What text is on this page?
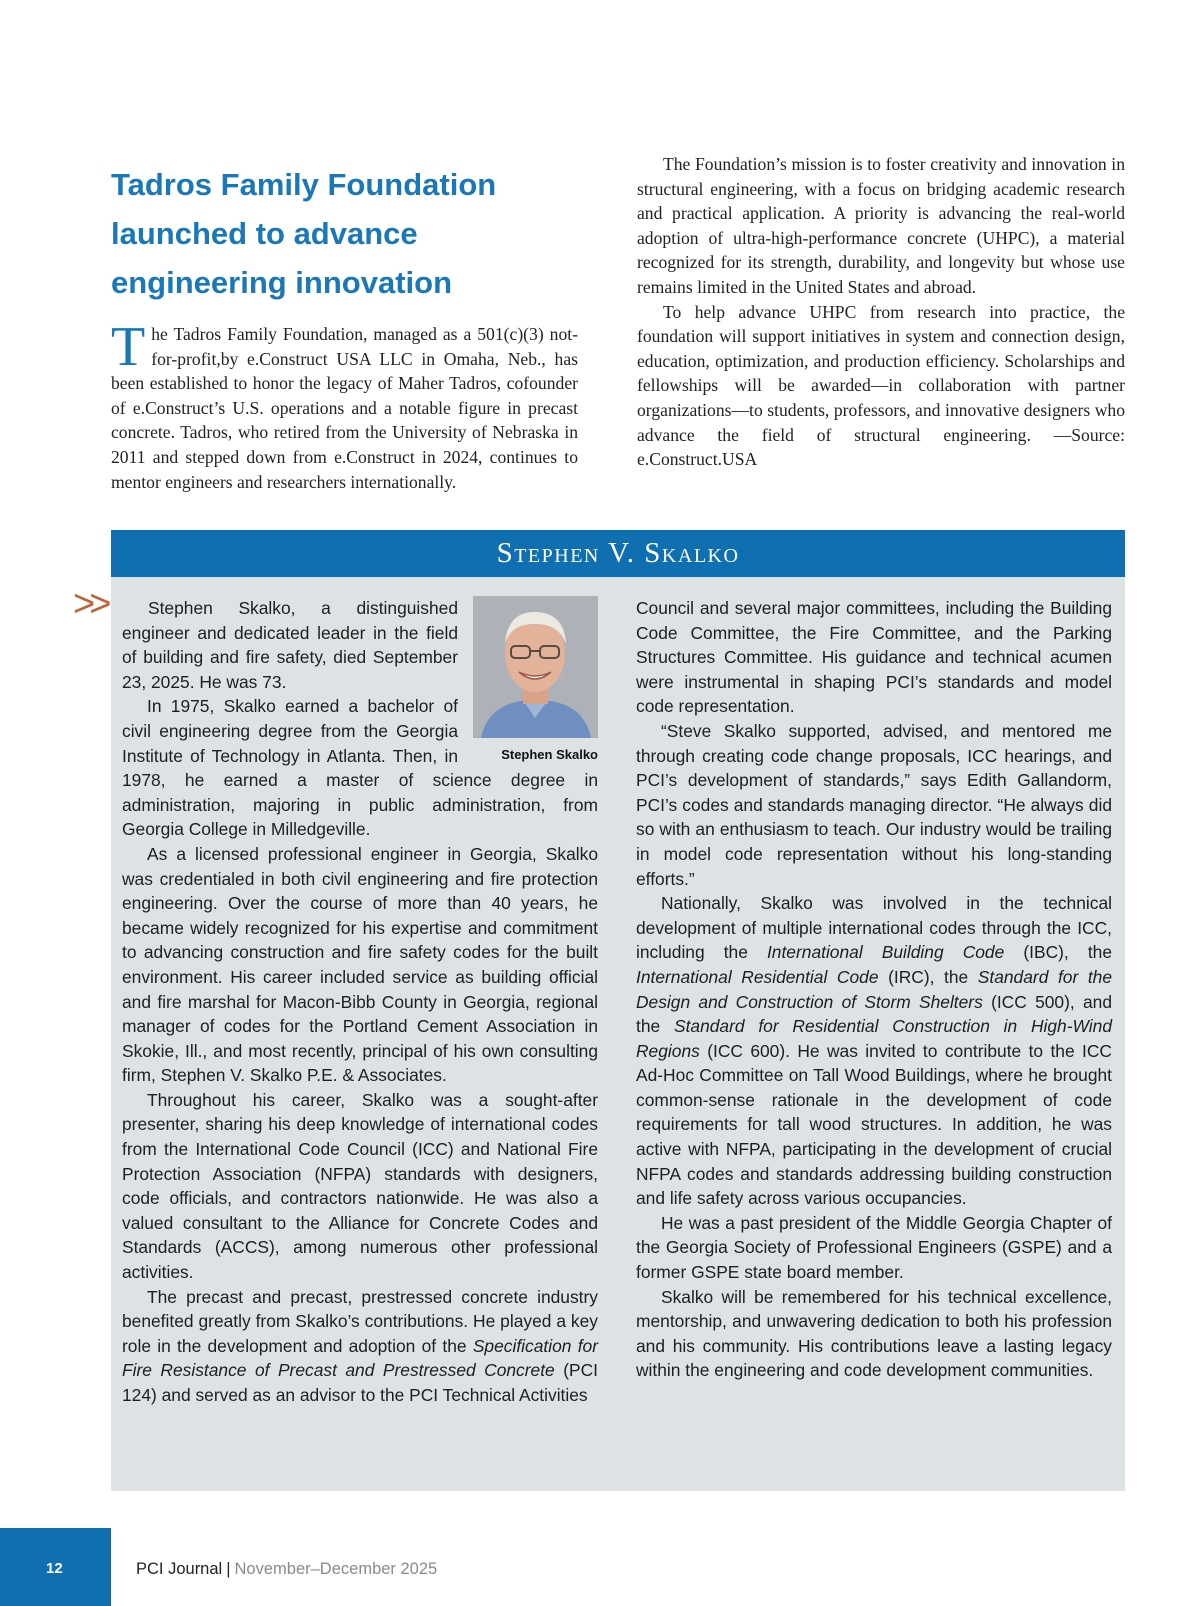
Tadros Family Foundation launched to advance engineering innovation
The Tadros Family Foundation, managed as a 501(c)(3) not-for-profit,by e.Construct USA LLC in Omaha, Neb., has been established to honor the legacy of Maher Tadros, cofounder of e.Construct’s U.S. operations and a notable figure in precast concrete. Tadros, who retired from the University of Nebraska in 2011 and stepped down from e.Construct in 2024, continues to mentor engineers and researchers internationally.

The Foundation’s mission is to foster creativity and innovation in structural engineering, with a focus on bridging academic research and practical application. A priority is advancing the real-world adoption of ultra-high-performance concrete (UHPC), a material recognized for its strength, durability, and longevity but whose use remains limited in the United States and abroad.

To help advance UHPC from research into practice, the foundation will support initiatives in system and connection design, education, optimization, and production efficiency. Scholarships and fellowships will be awarded—in collaboration with partner organizations—to students, professors, and innovative designers who advance the field of structural engineering. —Source: e.Construct.USA

Stephen V. Skalko
>>
Stephen Skalko

Stephen Skalko, a distinguished engineer and dedicated leader in the field of building and fire safety, died September 23, 2025. He was 73.

In 1975, Skalko earned a bachelor of civil engineering degree from the Georgia Institute of Technology in Atlanta. Then, in 1978, he earned a master of science degree in administration, majoring in public administration, from Georgia College in Milledgeville.

As a licensed professional engineer in Georgia, Skalko was credentialed in both civil engineering and fire protection engineering. Over the course of more than 40 years, he became widely recognized for his expertise and commitment to advancing construction and fire safety codes for the built environment. His career included service as building official and fire marshal for Macon-Bibb County in Georgia, regional manager of codes for the Portland Cement Association in Skokie, Ill., and most recently, principal of his own consulting firm, Stephen V. Skalko P.E. & Associates.

Throughout his career, Skalko was a sought-after presenter, sharing his deep knowledge of international codes from the International Code Council (ICC) and National Fire Protection Association (NFPA) standards with designers, code officials, and contractors nationwide. He was also a valued consultant to the Alliance for Concrete Codes and Standards (ACCS), among numerous other professional activities.

The precast and precast, prestressed concrete industry benefited greatly from Skalko’s contributions. He played a key role in the development and adoption of the Specification for Fire Resistance of Precast and Prestressed Concrete (PCI 124) and served as an advisor to the PCI Technical Activities

Council and several major committees, including the Building Code Committee, the Fire Committee, and the Parking Structures Committee. His guidance and technical acumen were instrumental in shaping PCI’s standards and model code representation.

“Steve Skalko supported, advised, and mentored me through creating code change proposals, ICC hearings, and PCI’s development of standards,” says Edith Gallandorm, PCI’s codes and standards managing director. “He always did so with an enthusiasm to teach. Our industry would be trailing in model code representation without his long-standing efforts.”

Nationally, Skalko was involved in the technical development of multiple international codes through the ICC, including the International Building Code (IBC), the International Residential Code (IRC), the Standard for the Design and Construction of Storm Shelters (ICC 500), and the Standard for Residential Construction in High-Wind Regions (ICC 600). He was invited to contribute to the ICC Ad-Hoc Committee on Tall Wood Buildings, where he brought common-sense rationale in the development of code requirements for tall wood structures. In addition, he was active with NFPA, participating in the development of crucial NFPA codes and standards addressing building construction and life safety across various occupancies.

He was a past president of the Middle Georgia Chapter of the Georgia Society of Professional Engineers (GSPE) and a former GSPE state board member.

Skalko will be remembered for his technical excellence, mentorship, and unwavering dedication to both his profession and his community. His contributions leave a lasting legacy within the engineering and code development communities.

12	PCI Journal | November–December 2025
